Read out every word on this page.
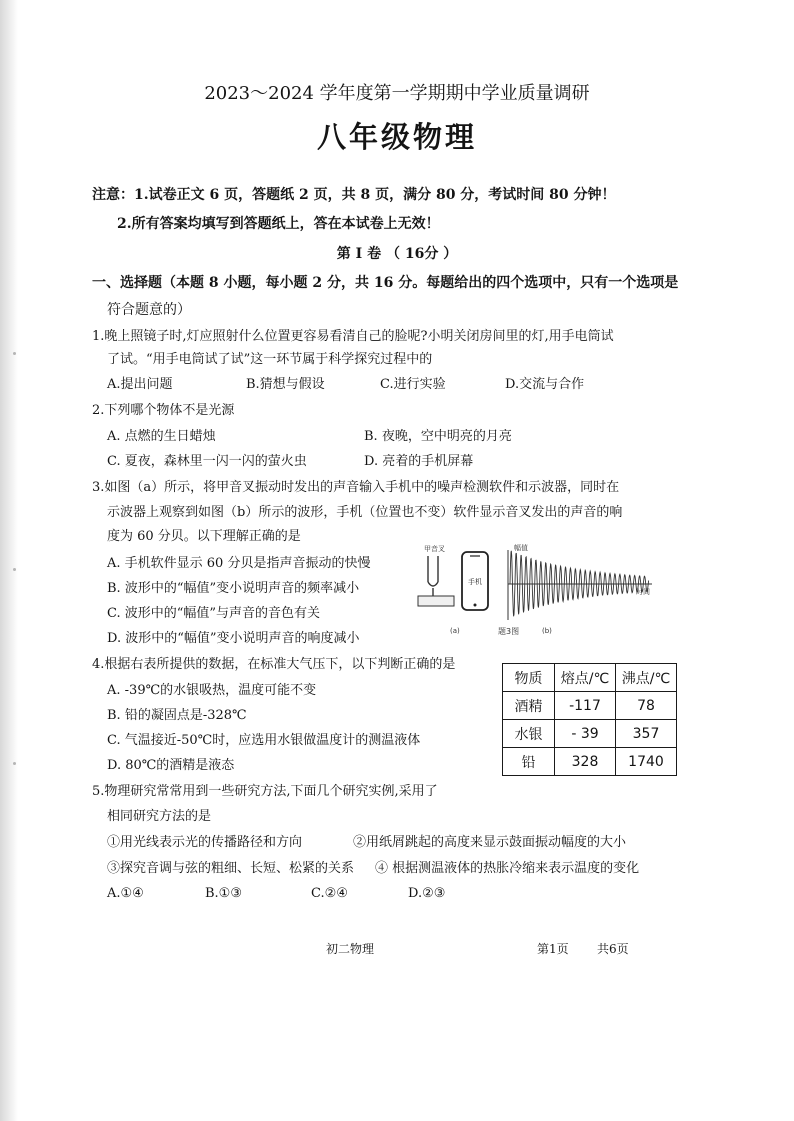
2023～2024 学年度第一学期期中学业质量调研
八年级物理
注意：1.试卷正文 6 页，答题纸 2 页，共 8 页，满分 80 分，考试时间 80 分钟！
2.所有答案均填写到答题纸上，答在本试卷上无效！
第 I 卷 （ 16分 ）
一、选择题（本题 8 小题，每小题 2 分，共 16 分。每题给出的四个选项中，只有一个选项是
符合题意的）
1.晚上照镜子时,灯应照射什么位置更容易看清自己的脸呢?小明关闭房间里的灯,用手电筒试
了试。“用手电筒试了试”这一环节属于科学探究过程中的
A.提出问题	B.猜想与假设	C.进行实验	D.交流与合作
2.下列哪个物体不是光源
A. 点燃的生日蜡烛	B. 夜晚，空中明亮的月亮
C. 夏夜，森林里一闪一闪的萤火虫	D. 亮着的手机屏幕
3.如图（a）所示，将甲音叉振动时发出的声音输入手机中的噪声检测软件和示波器，同时在
示波器上观察到如图（b）所示的波形，手机（位置也不变）软件显示音叉发出的声音的响
度为 60 分贝。以下理解正确的是
A. 手机软件显示 60 分贝是指声音振动的快慢
B. 波形中的“幅值”变小说明声音的频率减小
C. 波形中的“幅值”与声音的音色有关
D. 波形中的“幅值”变小说明声音的响度减小
甲音叉
手机
幅值
时间
(a)	题3图	(b)
4.根据右表所提供的数据，在标准大气压下，以下判断正确的是
A. -39℃的水银吸热，温度可能不变
B. 铅的凝固点是-328℃
C. 气温接近-50℃时，应选用水银做温度计的测温液体
D. 80℃的酒精是液态
物质	熔点/℃	沸点/℃
酒精	-117	78
水银	- 39	357
铅	328	1740
5.物理研究常常用到一些研究方法,下面几个研究实例,采用了
相同研究方法的是
①用光线表示光的传播路径和方向	②用纸屑跳起的高度来显示鼓面振动幅度的大小
③探究音调与弦的粗细、长短、松紧的关系 ④ 根据测温液体的热胀冷缩来表示温度的变化
A.①④	B.①③	C.②④	D.②③
初二物理	第1页 共6页
